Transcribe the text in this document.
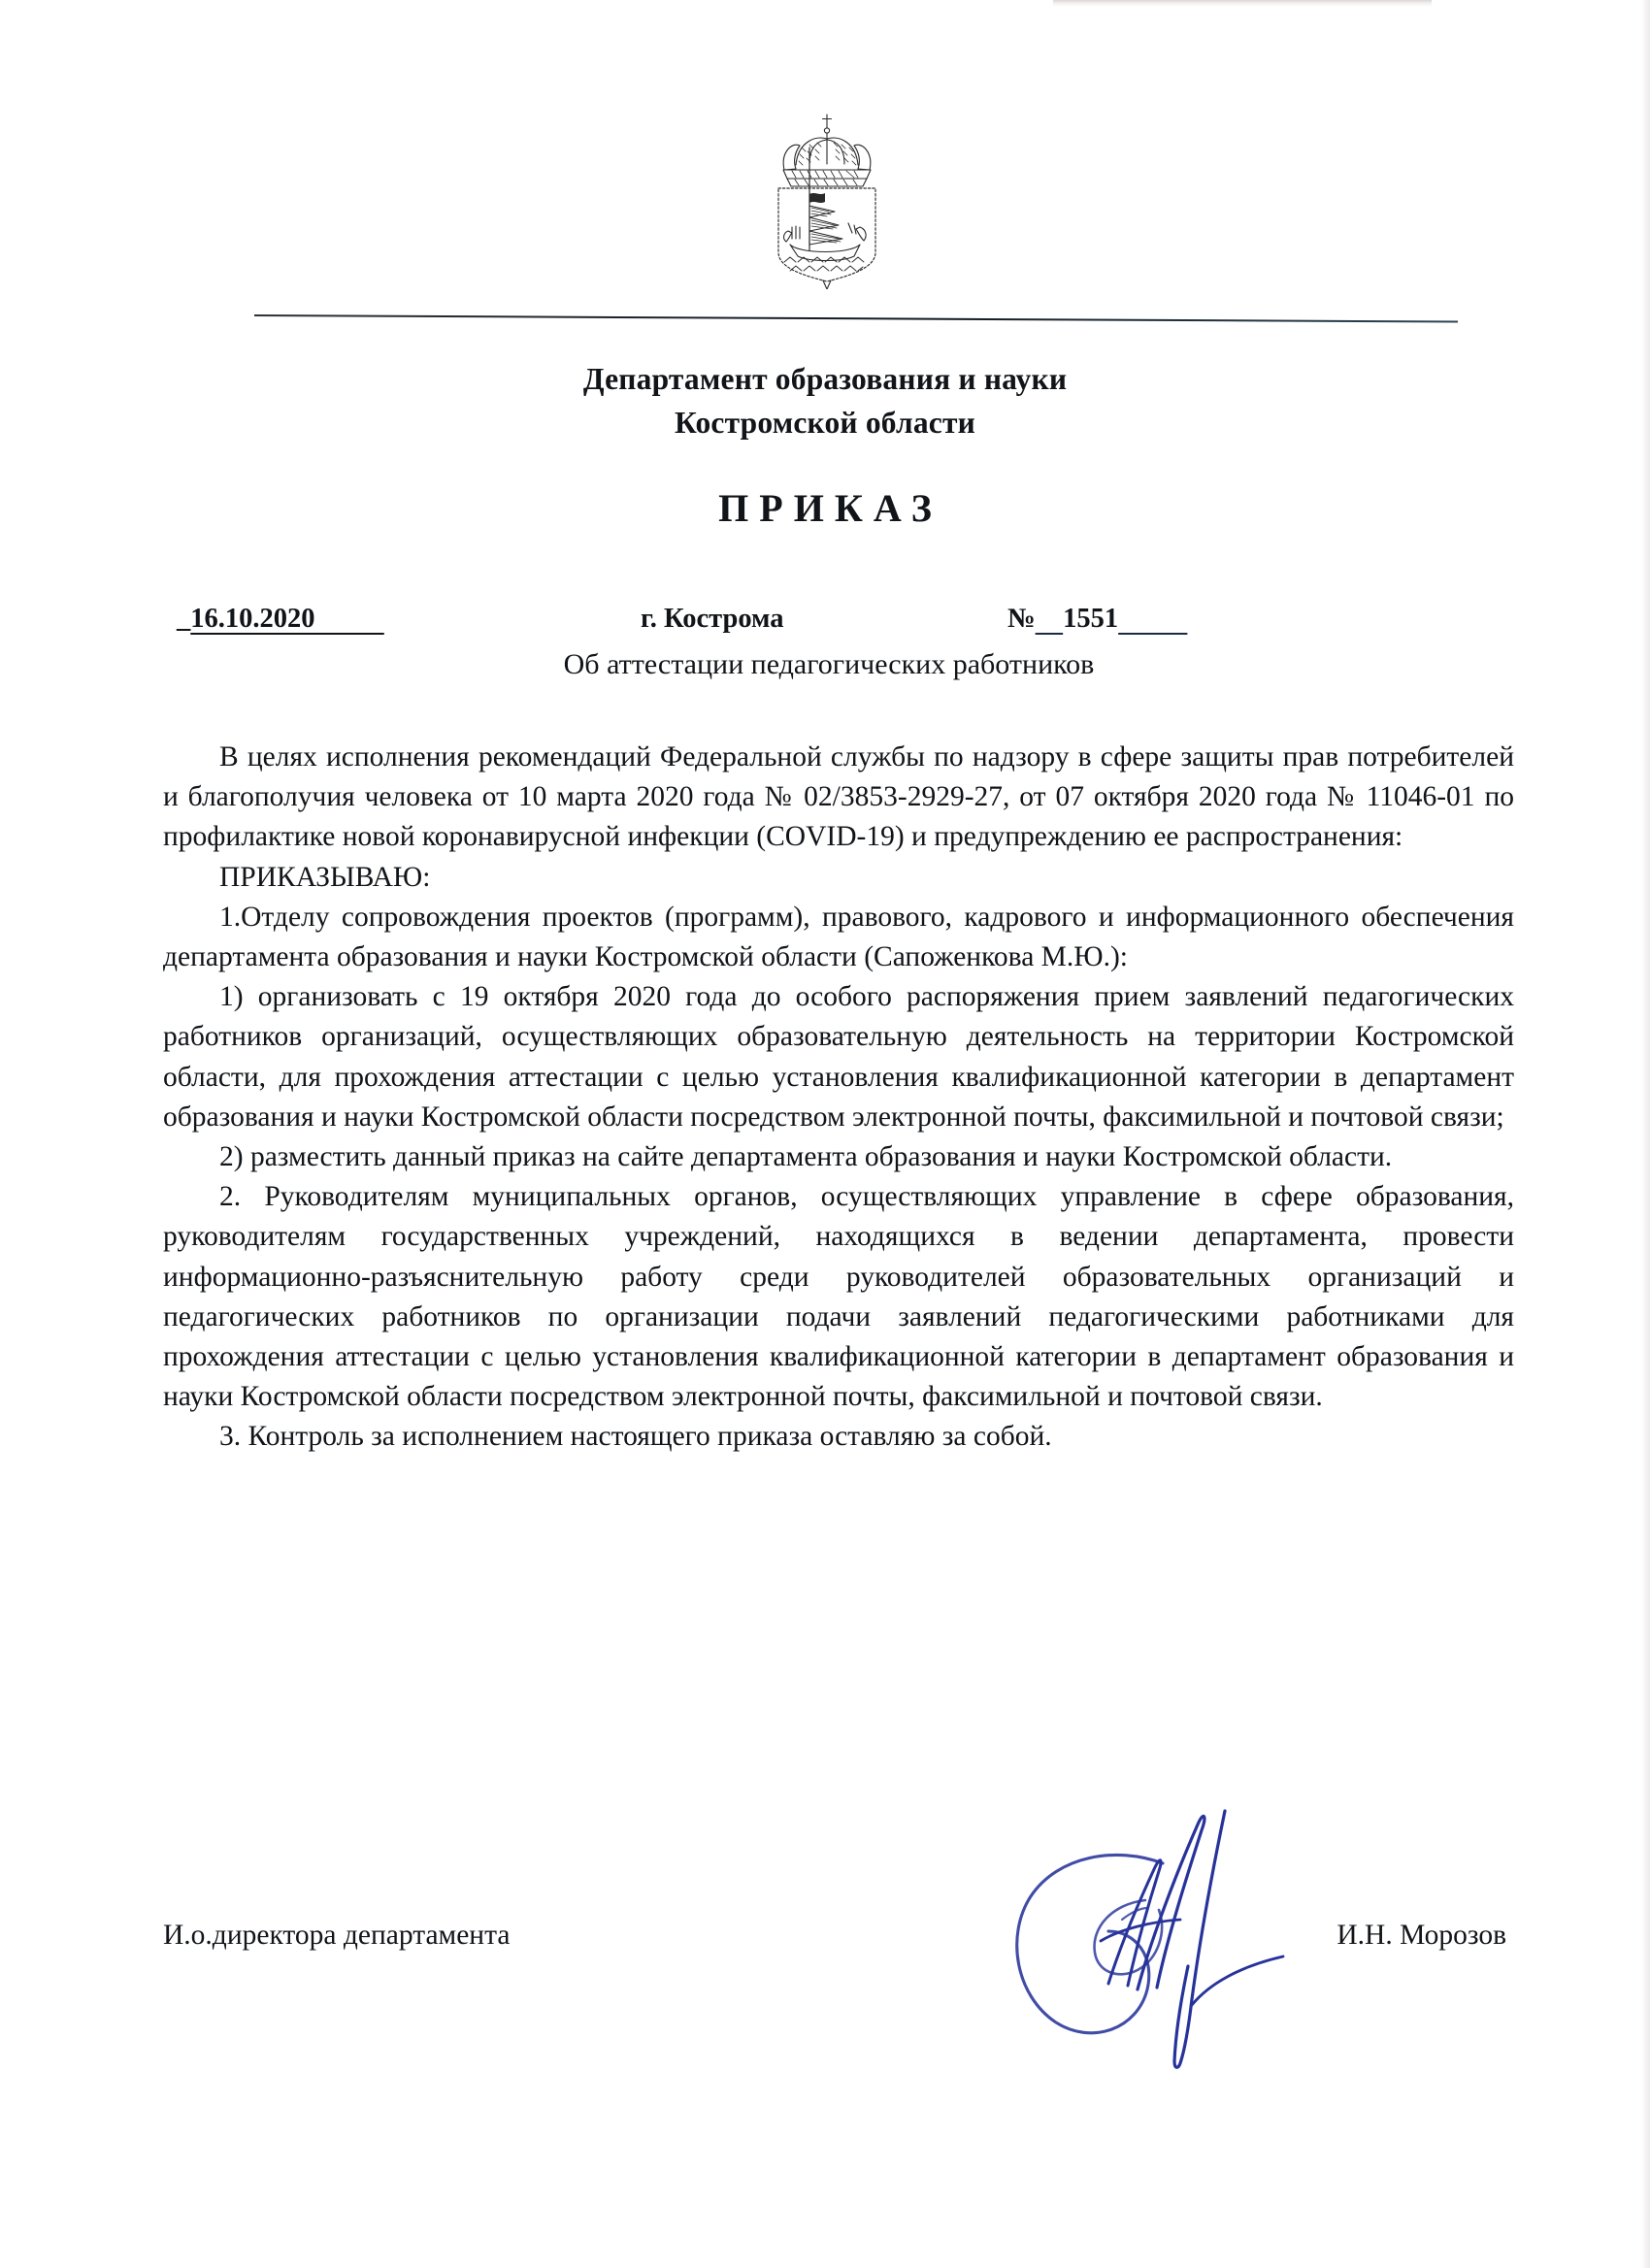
Департамент образования и науки
Костромской области
ПРИКАЗ
_16.10.2020	г. Кострома	№ 1551
Об аттестации педагогических работников

В целях исполнения рекомендаций Федеральной службы по надзору в сфере защиты прав потребителей и благополучия человека от 10 марта 2020 года № 02/3853-2929-27, от 07 октября 2020 года № 11046-01 по профилактике новой коронавирусной инфекции (COVID-19) и предупреждению ее распространения:

ПРИКАЗЫВАЮ:

1.Отделу сопровождения проектов (программ), правового, кадрового и информационного обеспечения департамента образования и науки Костромской области (Сапоженкова М.Ю.):

1) организовать с 19 октября 2020 года до особого распоряжения прием заявлений педагогических работников организаций, осуществляющих образовательную деятельность на территории Костромской области, для прохождения аттестации с целью установления квалификационной категории в департамент образования и науки Костромской области посредством электронной почты, факсимильной и почтовой связи;

2) разместить данный приказ на сайте департамента образования и науки Костромской области.

2. Руководителям муниципальных органов, осуществляющих управление в сфере образования, руководителям государственных учреждений, находящихся в ведении департамента, провести информационно-разъяснительную работу среди руководителей образовательных организаций и педагогических работников по организации подачи заявлений педагогическими работниками для прохождения аттестации с целью установления квалификационной категории в департамент образования и науки Костромской области посредством электронной почты, факсимильной и почтовой связи.

3. Контроль за исполнением настоящего приказа оставляю за собой.

И.о.директора департамента	И.Н. Морозов
